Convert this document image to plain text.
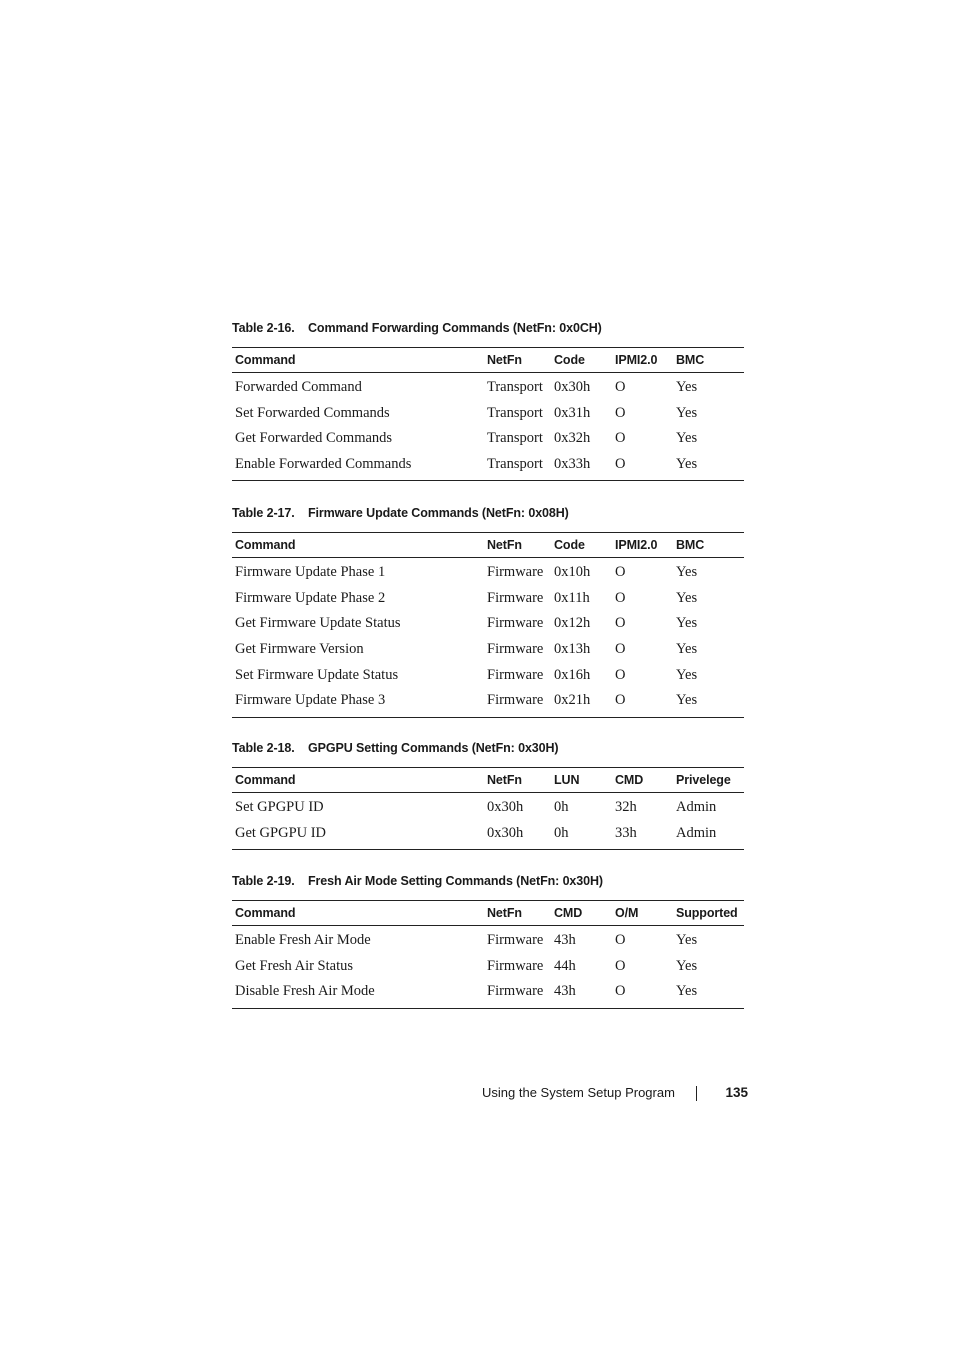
Table 2-16. Command Forwarding Commands (NetFn: 0x0CH)
Command	NetFn	Code	IPMI2.0	BMC
Forwarded Command	Transport	0x30h	O	Yes
Set Forwarded Commands	Transport	0x31h	O	Yes
Get Forwarded Commands	Transport	0x32h	O	Yes
Enable Forwarded Commands	Transport	0x33h	O	Yes
Table 2-17. Firmware Update Commands (NetFn: 0x08H)
Command	NetFn	Code	IPMI2.0	BMC
Firmware Update Phase 1	Firmware	0x10h	O	Yes
Firmware Update Phase 2	Firmware	0x11h	O	Yes
Get Firmware Update Status	Firmware	0x12h	O	Yes
Get Firmware Version	Firmware	0x13h	O	Yes
Set Firmware Update Status	Firmware	0x16h	O	Yes
Firmware Update Phase 3	Firmware	0x21h	O	Yes
Table 2-18. GPGPU Setting Commands (NetFn: 0x30H)
Command	NetFn	LUN	CMD	Privelege
Set GPGPU ID	0x30h	0h	32h	Admin
Get GPGPU ID	0x30h	0h	33h	Admin
Table 2-19. Fresh Air Mode Setting Commands (NetFn: 0x30H)
Command	NetFn	CMD	O/M	Supported
Enable Fresh Air Mode	Firmware	43h	O	Yes
Get Fresh Air Status	Firmware	44h	O	Yes
Disable Fresh Air Mode	Firmware	43h	O	Yes
Using the System Setup Program	135
